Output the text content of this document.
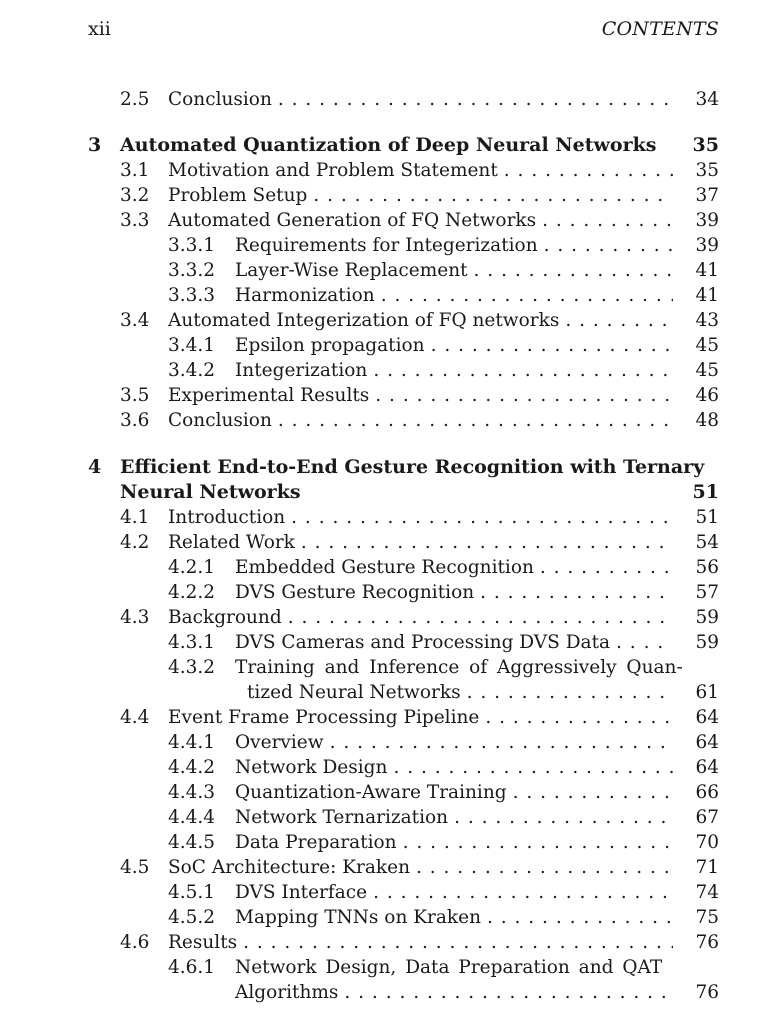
xii	CONTENTS
2.5 Conclusion . . .	34
3 Automated Quantization of Deep Neural Networks 35
3.1 Motivation and Problem Statement . . .	35
3.2 Problem Setup . . .	37
3.3 Automated Generation of FQ Networks . . .	39
3.3.1 Requirements for Integerization . . .	39
3.3.2 Layer-Wise Replacement . . .	41
3.3.3 Harmonization . . .	41
3.4 Automated Integerization of FQ networks . . .	43
3.4.1 Epsilon propagation . . .	45
3.4.2 Integerization . . .	45
3.5 Experimental Results . . .	46
3.6 Conclusion . . .	48
4 Efficient End-to-End Gesture Recognition with Ternary
Neural Networks	51
4.1 Introduction . . .	51
4.2 Related Work . . .	54
4.2.1 Embedded Gesture Recognition . . .	56
4.2.2 DVS Gesture Recognition . . .	57
4.3 Background . . .	59
4.3.1 DVS Cameras and Processing DVS Data . . .	59
4.3.2 Training and Inference of Aggressively Quan-
tized Neural Networks . . .	61
4.4 Event Frame Processing Pipeline . . .	64
4.4.1 Overview . . .	64
4.4.2 Network Design . . .	64
4.4.3 Quantization-Aware Training . . .	66
4.4.4 Network Ternarization . . .	67
4.4.5 Data Preparation . . .	70
4.5 SoC Architecture: Kraken . . .	71
4.5.1 DVS Interface . . .	74
4.5.2 Mapping TNNs on Kraken . . .	75
4.6 Results . . .	76
4.6.1 Network Design, Data Preparation and QAT
Algorithms . . .	76
